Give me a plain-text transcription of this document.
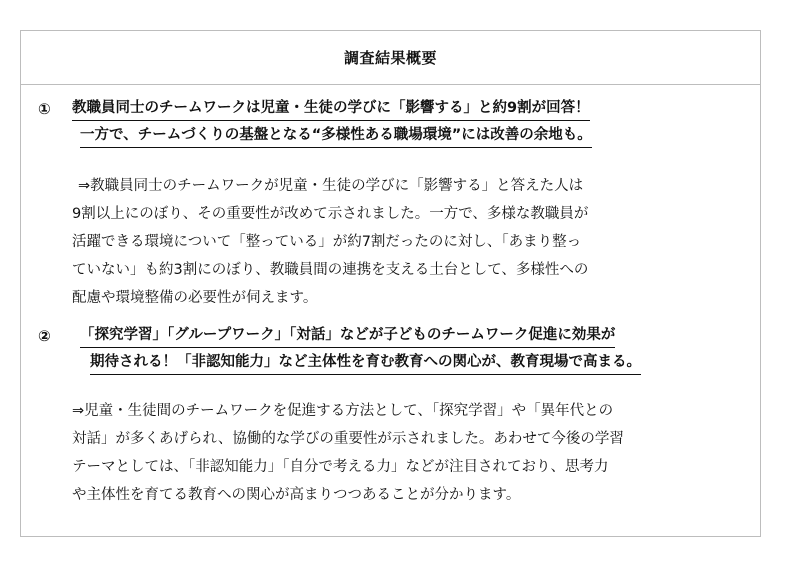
調査結果概要
① 教職員同士のチームワークは児童・生徒の学びに「影響する」と約9割が回答！
一方で、チームづくりの基盤となる“多様性ある職場環境”には改善の余地も。
⇒教職員同士のチームワークが児童・生徒の学びに「影響する」と答えた人は
9割以上にのぼり、その重要性が改めて示されました。一方で、多様な教職員が
活躍できる環境について「整っている」が約7割だったのに対し、「あまり整っ
ていない」も約3割にのぼり、教職員間の連携を支える土台として、多様性への
配慮や環境整備の必要性が伺えます。
② 「探究学習」「グループワーク」「対話」などが子どものチームワーク促進に効果が
期待される！「非認知能力」など主体性を育む教育への関心が、教育現場で高まる。
⇒児童・生徒間のチームワークを促進する方法として、「探究学習」や「異年代との
対話」が多くあげられ、協働的な学びの重要性が示されました。あわせて今後の学習
テーマとしては、「非認知能力」「自分で考える力」などが注目されており、思考力
や主体性を育てる教育への関心が高まりつつあることが分かります。
